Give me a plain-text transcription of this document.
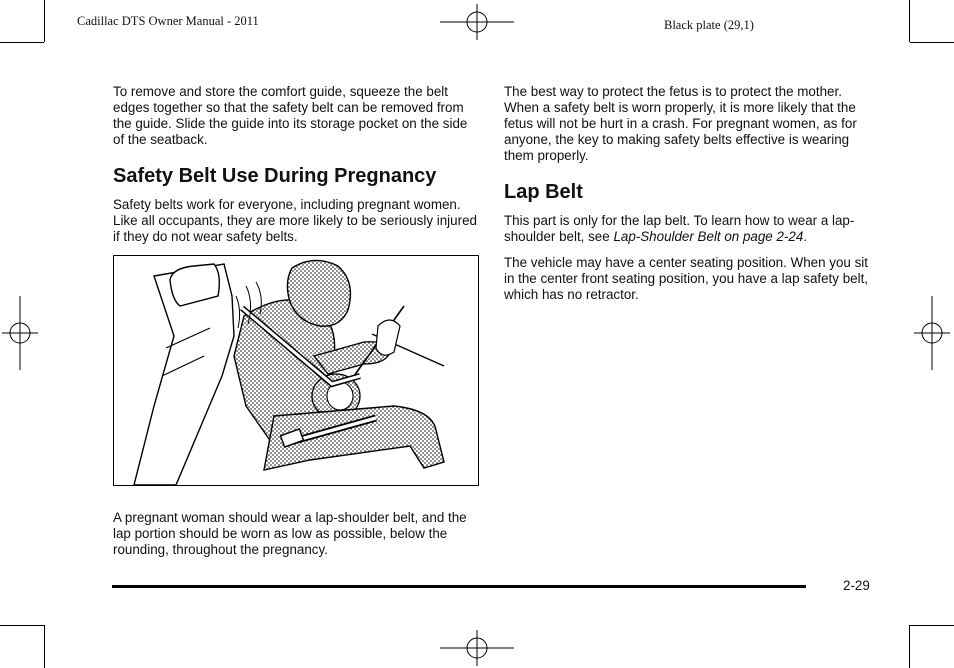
Cadillac DTS Owner Manual - 2011	Black plate (29,1)

To remove and store the comfort guide, squeeze the belt edges together so that the safety belt can be removed from the guide. Slide the guide into its storage pocket on the side of the seatback.

Safety Belt Use During Pregnancy

Safety belts work for everyone, including pregnant women. Like all occupants, they are more likely to be seriously injured if they do not wear safety belts.

A pregnant woman should wear a lap-shoulder belt, and the lap portion should be worn as low as possible, below the rounding, throughout the pregnancy.

The best way to protect the fetus is to protect the mother. When a safety belt is worn properly, it is more likely that the fetus will not be hurt in a crash. For pregnant women, as for anyone, the key to making safety belts effective is wearing them properly.

Lap Belt

This part is only for the lap belt. To learn how to wear a lap-shoulder belt, see Lap-Shoulder Belt on page 2-24.

The vehicle may have a center seating position. When you sit in the center front seating position, you have a lap safety belt, which has no retractor.

2-29
